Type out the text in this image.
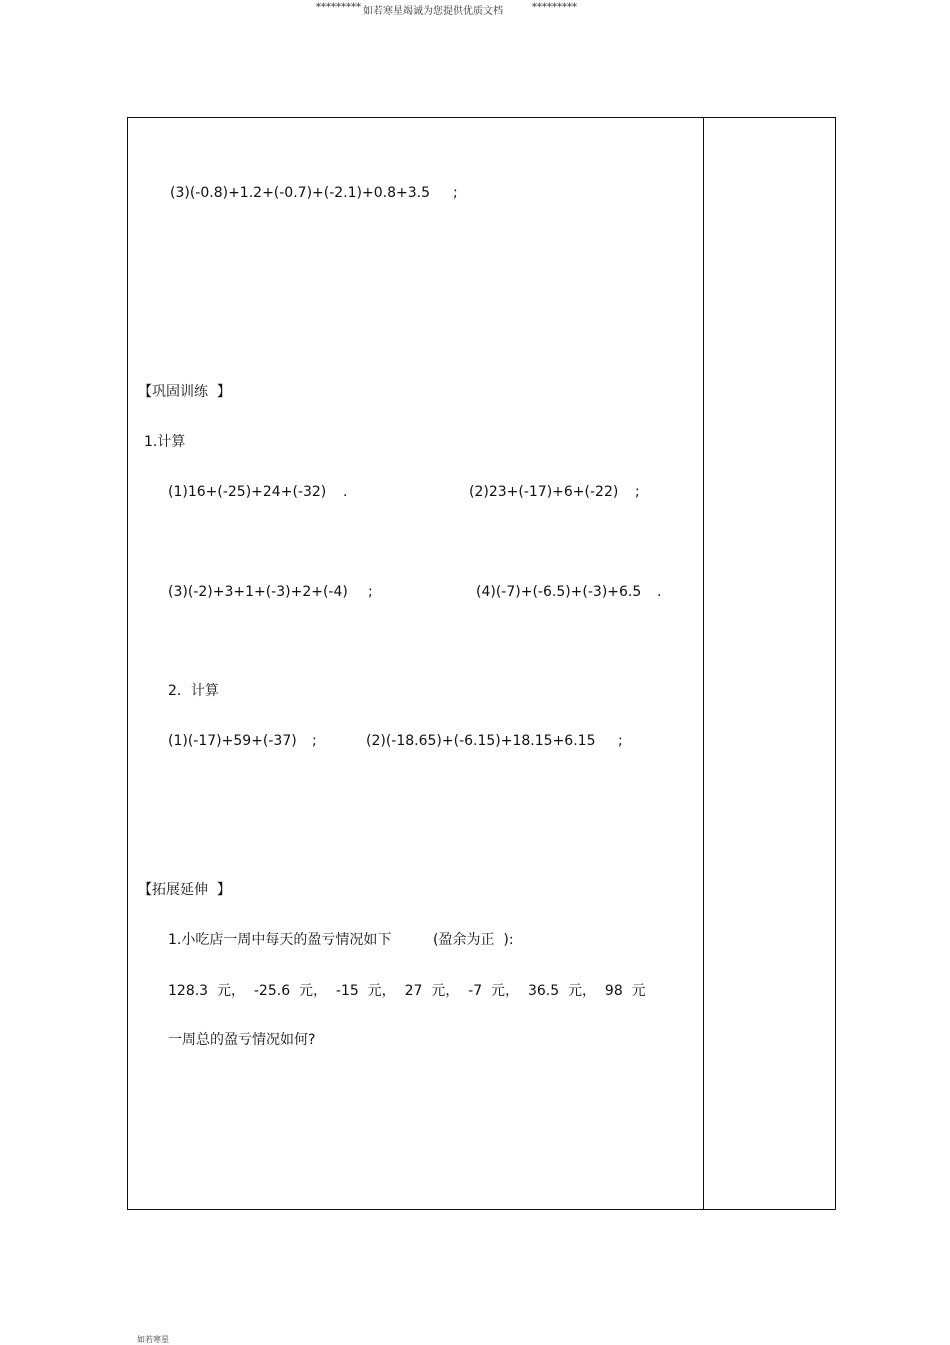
********* 如若寒星竭诚为您提供优质文档	*********
(3)(-0.8)+1.2+(-0.7)+(-2.1)+0.8+3.5 ;
【巩固训练  】
1.计算
(1)16+(-25)+24+(-32) .	(2)23+(-17)+6+(-22) ;
(3)(-2)+3+1+(-3)+2+(-4) ;	(4)(-7)+(-6.5)+(-3)+6.5 .
2．计算
(1)(-17)+59+(-37) ;	(2)(-18.65)+(-6.15)+18.15+6.15 ;
【拓展延伸  】
1.小吃店一周中每天的盈亏情况如下	(盈余为正  ):
128.3  元，  -25.6  元，  -15  元，  27  元，  -7  元，  36.5  元，  98  元
一周总的盈亏情况如何?
如若寒星
